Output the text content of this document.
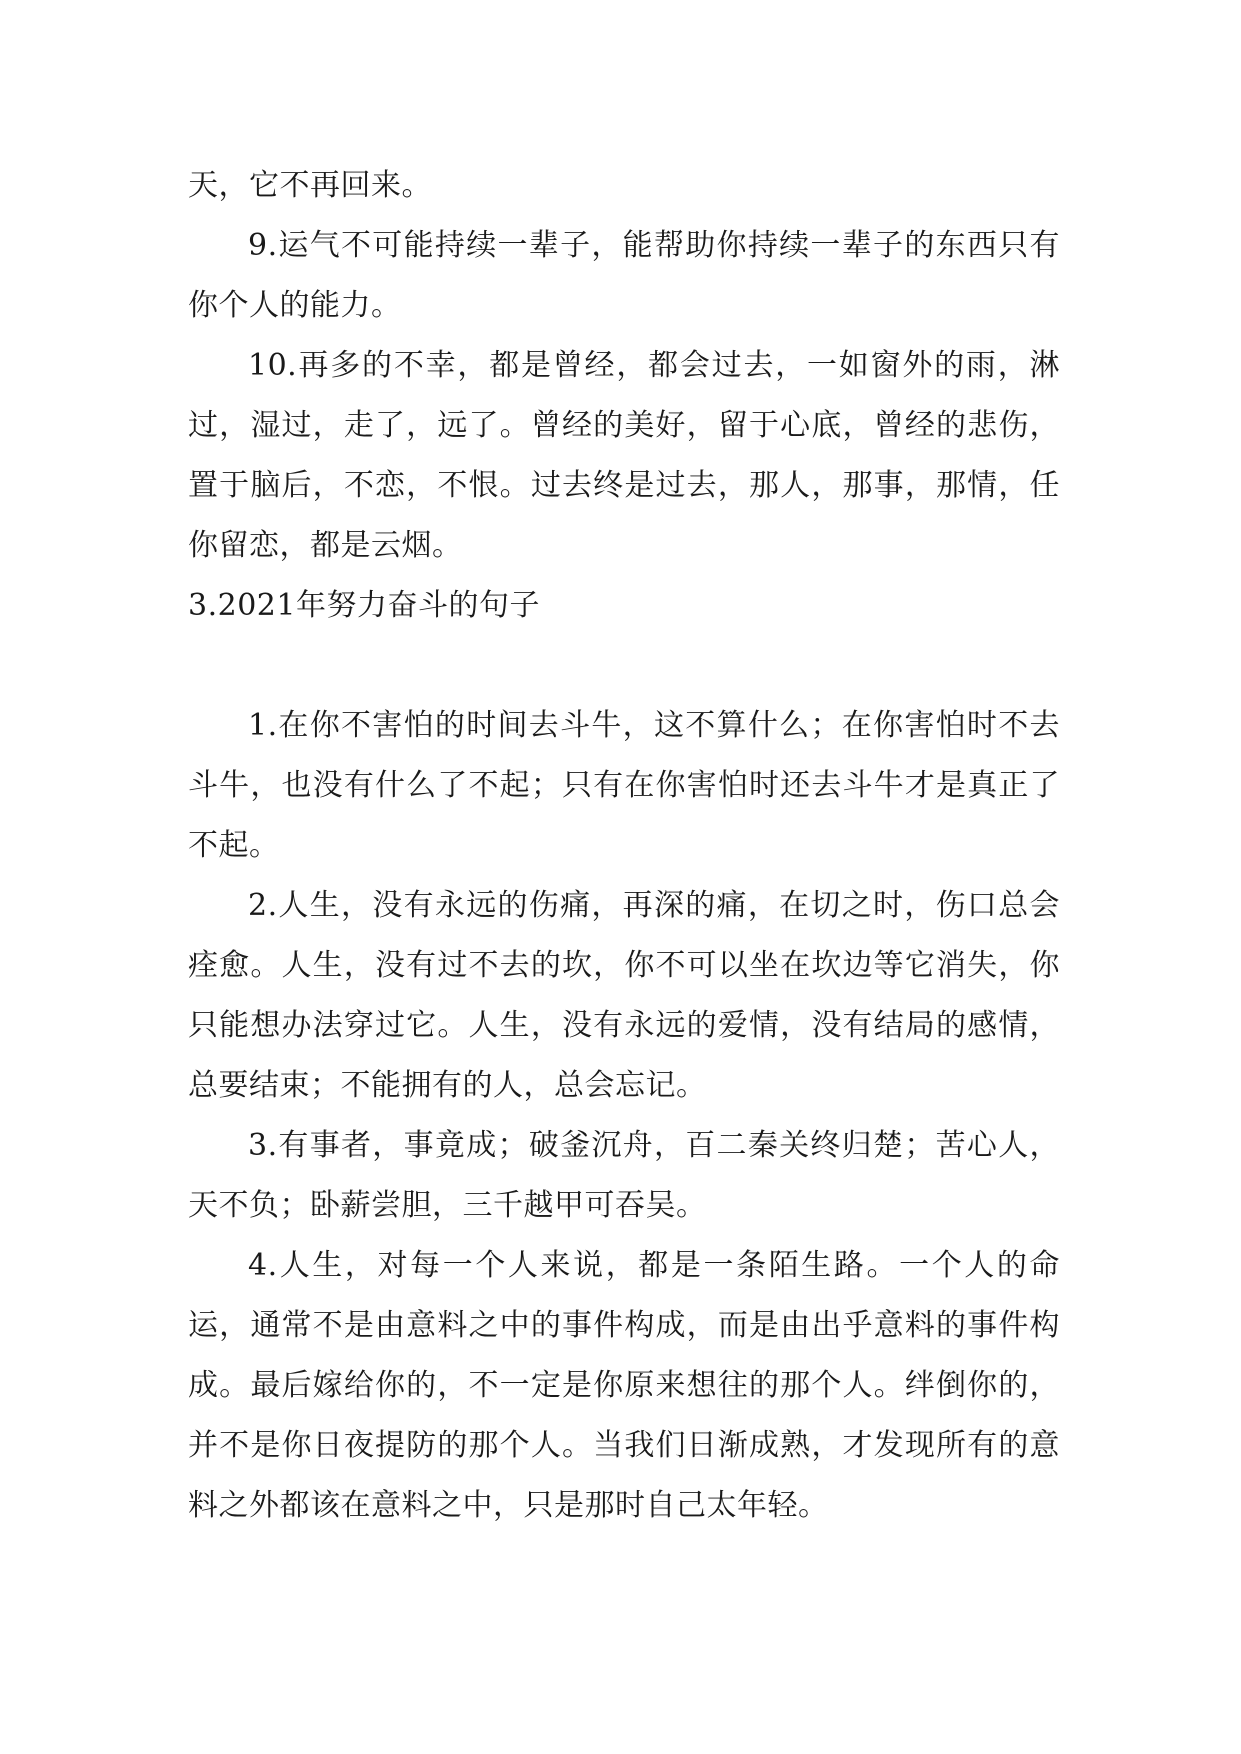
天，它不再回来。

9.运气不可能持续一辈子，能帮助你持续一辈子的东西只有你个人的能力。

10.再多的不幸，都是曾经，都会过去，一如窗外的雨，淋过，湿过，走了，远了。曾经的美好，留于心底，曾经的悲伤，置于脑后，不恋，不恨。过去终是过去，那人，那事，那情，任你留恋，都是云烟。

3.2021年努力奋斗的句子

1.在你不害怕的时间去斗牛，这不算什么；在你害怕时不去斗牛，也没有什么了不起；只有在你害怕时还去斗牛才是真正了不起。

2.人生，没有永远的伤痛，再深的痛，在切之时，伤口总会痊愈。人生，没有过不去的坎，你不可以坐在坎边等它消失，你只能想办法穿过它。人生，没有永远的爱情，没有结局的感情，总要结束；不能拥有的人，总会忘记。

3.有事者，事竟成；破釜沉舟，百二秦关终归楚；苦心人，天不负；卧薪尝胆，三千越甲可吞吴。

4.人生，对每一个人来说，都是一条陌生路。一个人的命运，通常不是由意料之中的事件构成，而是由出乎意料的事件构成。最后嫁给你的，不一定是你原来想往的那个人。绊倒你的，并不是你日夜提防的那个人。当我们日渐成熟，才发现所有的意料之外都该在意料之中，只是那时自己太年轻。
